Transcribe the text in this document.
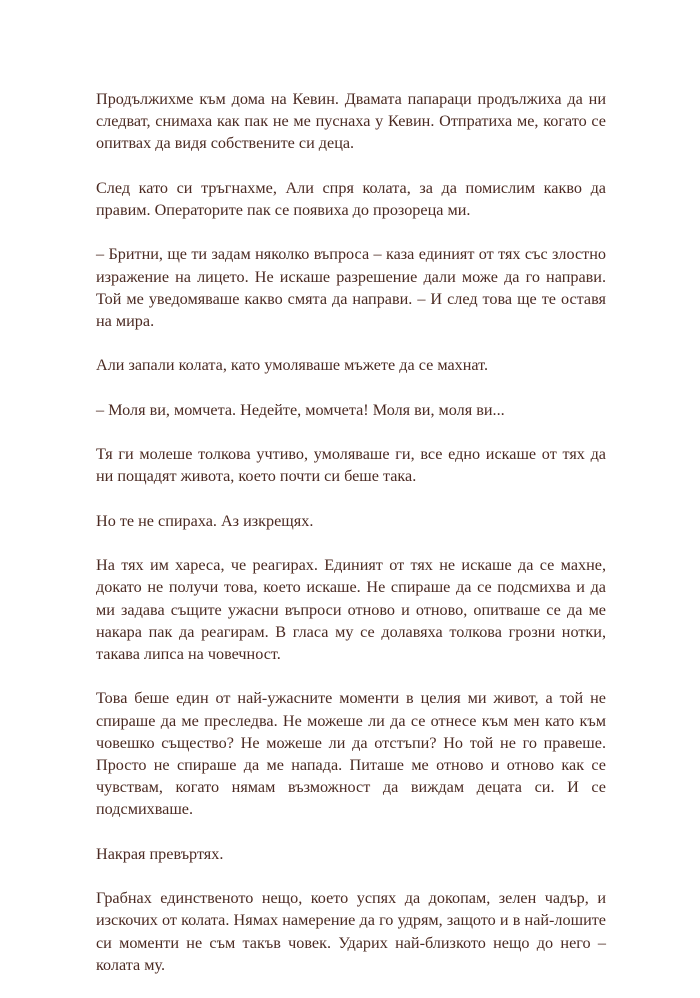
Продължихме към дома на Кевин. Двамата папараци продължиха да ни следват, снимаха как пак не ме пуснаха у Кевин. Отпратиха ме, когато се опитвах да видя собствените си деца.

След като си тръгнахме, Али спря колата, за да помислим какво да правим. Операторите пак се появиха до прозореца ми.

– Бритни, ще ти задам няколко въпроса – каза единият от тях със злостно изражение на лицето. Не искаше разрешение дали може да го направи. Той ме уведомяваше какво смята да направи. – И след това ще те оставя на мира.

Али запали колата, като умоляваше мъжете да се махнат.

– Моля ви, момчета. Недейте, момчета! Моля ви, моля ви...

Тя ги молеше толкова учтиво, умоляваше ги, все едно искаше от тях да ни пощадят живота, което почти си беше така.

Но те не спираха. Аз изкрещях.

На тях им хареса, че реагирах. Единият от тях не искаше да се махне, докато не получи това, което искаше. Не спираше да се подсмихва и да ми задава същите ужасни въпроси отново и отново, опитваше се да ме накара пак да реагирам. В гласа му се долавяха толкова грозни нотки, такава липса на човечност.

Това беше един от най-ужасните моменти в целия ми живот, а той не спираше да ме преследва. Не можеше ли да се отнесе към мен като към човешко същество? Не можеше ли да отстъпи? Но той не го правеше. Просто не спираше да ме напада. Питаше ме отново и отново как се чувствам, когато нямам възможност да виждам децата си. И се подсмихваше.

Накрая превъртях.

Грабнах единственото нещо, което успях да докопам, зелен чадър, и изскочих от колата. Нямах намерение да го удрям, защото и в най-лошите си моменти не съм такъв човек. Ударих най-близкото нещо до него – колата му.
